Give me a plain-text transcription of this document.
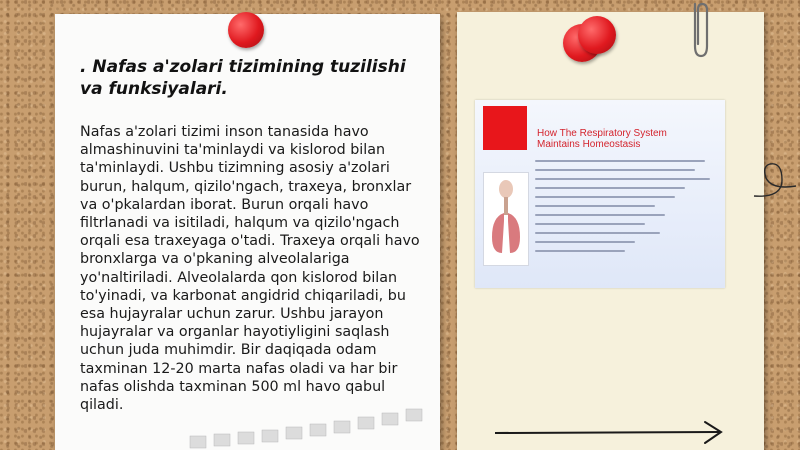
. Nafas a'zolari tizimining tuzilishi va funksiyalari.

Nafas a'zolari tizimi inson tanasida havo almashinuvini ta'minlaydi va kislorod bilan ta'minlaydi. Ushbu tizimning asosiy a'zolari burun, halqum, qizilo'ngach, traxeya, bronxlar va o'pkalardan iborat. Burun orqali havo filtrlanadi va isitiladi, halqum va qizilo'ngach orqali esa traxeyaga o'tadi. Traxeya orqali havo bronxlarga va o'pkaning alveolalariga yo'naltiriladi. Alveolalarda qon kislorod bilan to'yinadi, va karbonat angidrid chiqariladi, bu esa hujayralar uchun zarur. Ushbu jarayon hujayralar va organlar hayotiyligini saqlash uchun juda muhimdir. Bir daqiqada odam taxminan 12-20 marta nafas oladi va har bir nafas olishda taxminan 500 ml havo qabul qiladi.

How The Respiratory System
Maintains Homeostasis
